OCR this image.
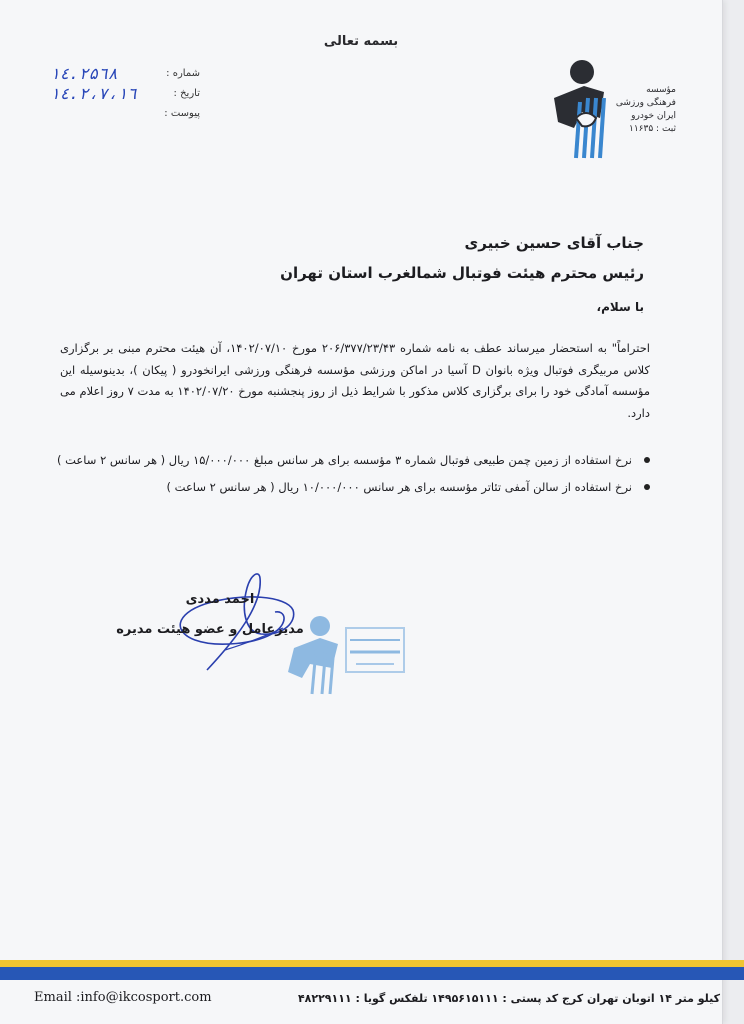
بسمه تعالی
۱٤.۲۵٦۸	شماره :
۱٤.۲،۷،۱٦	تاریخ :
پیوست :
مؤسسه
فرهنگی ورزشی
ایران خودرو
ثبت : ۱۱۶۳۵
جناب آقای حسین خبیری
رئیس محترم هیئت فوتبال شمالغرب استان تهران
با سلام،
احتراماً" به استحضار میرساند عطف به نامه شماره ۲۰۶/۳۷۷/۲۳/۴۳ مورخ ۱۴۰۲/۰۷/۱۰، آن هیئت محترم مبنی بر برگزاری کلاس مربیگری فوتبال ویژه بانوان D آسیا در اماکن ورزشی مؤسسه فرهنگی ورزشی ایرانخودرو ( پیکان )، بدینوسیله این مؤسسه آمادگی خود را برای برگزاری کلاس مذکور با شرایط ذیل از روز پنجشنبه مورخ ۱۴۰۲/۰۷/۲۰ به مدت ۷ روز اعلام می دارد.
نرخ استفاده از زمین چمن طبیعی فوتبال شماره ۳ مؤسسه برای هر سانس مبلغ ۱۵/۰۰۰/۰۰۰ ریال ( هر سانس ۲ ساعت )
نرخ استفاده از سالن آمفی تئاتر مؤسسه برای هر سانس ۱۰/۰۰۰/۰۰۰ ریال ( هر سانس ۲ ساعت )
احمد مددی
مدیرعامل و عضو هیئت مدیره
Email :info@ikcosport.com	کیلو متر ۱۴ اتوبان تهران کرج کد پستی : ۱۴۹۵۶۱۵۱۱۱ تلفکس گویا : ۴۸۲۲۹۱۱۱
